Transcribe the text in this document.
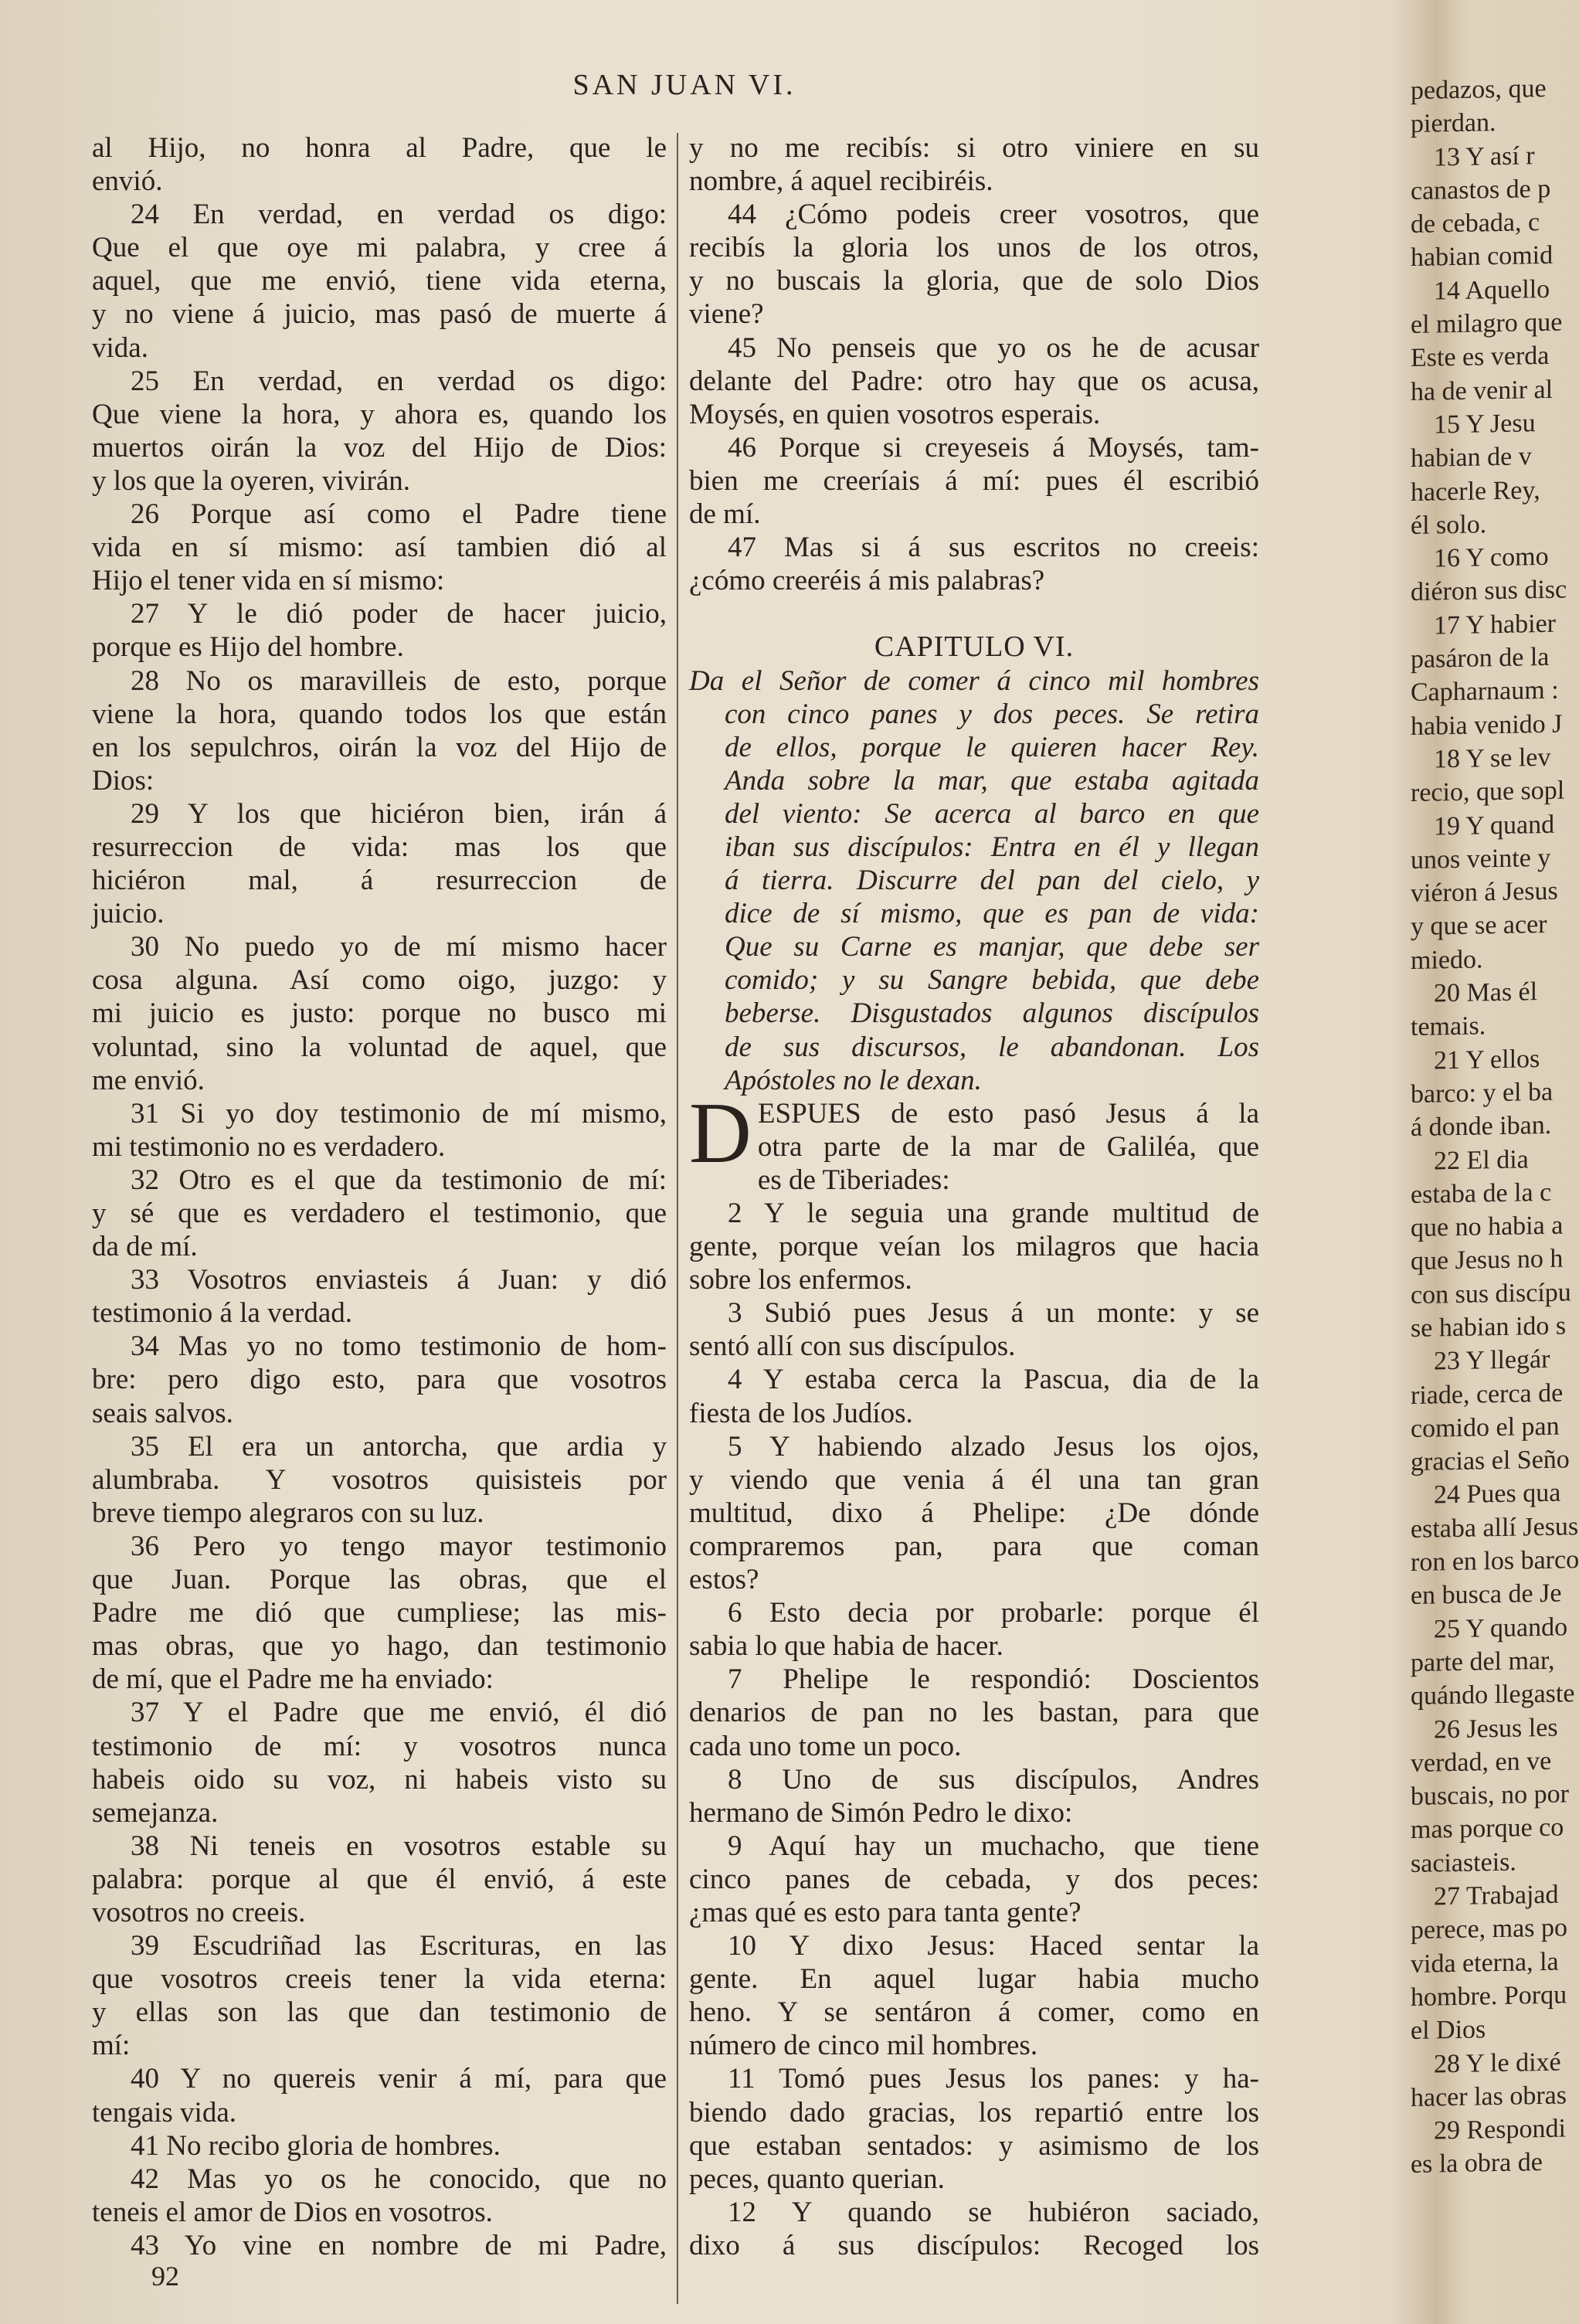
SAN JUAN VI.
al Hijo, no honra al Padre, que le
envió.
24 En verdad, en verdad os digo:
Que el que oye mi palabra, y cree á
aquel, que me envió, tiene vida eterna,
y no viene á juicio, mas pasó de muerte á
vida.
25 En verdad, en verdad os digo:
Que viene la hora, y ahora es, quando los
muertos oirán la voz del Hijo de Dios:
y los que la oyeren, vivirán.
26 Porque así como el Padre tiene
vida en sí mismo: así tambien dió al
Hijo el tener vida en sí mismo:
27 Y le dió poder de hacer juicio,
porque es Hijo del hombre.
28 No os maravilleis de esto, porque
viene la hora, quando todos los que están
en los sepulchros, oirán la voz del Hijo de
Dios:
29 Y los que hiciéron bien, irán á
resurreccion de vida: mas los que
hiciéron mal, á resurreccion de
juicio.
30 No puedo yo de mí mismo hacer
cosa alguna. Así como oigo, juzgo: y
mi juicio es justo: porque no busco mi
voluntad, sino la voluntad de aquel, que
me envió.
31 Si yo doy testimonio de mí mismo,
mi testimonio no es verdadero.
32 Otro es el que da testimonio de mí:
y sé que es verdadero el testimonio, que
da de mí.
33 Vosotros enviasteis á Juan: y dió
testimonio á la verdad.
34 Mas yo no tomo testimonio de hom-
bre: pero digo esto, para que vosotros
seais salvos.
35 El era un antorcha, que ardia y
alumbraba. Y vosotros quisisteis por
breve tiempo alegraros con su luz.
36 Pero yo tengo mayor testimonio
que Juan. Porque las obras, que el
Padre me dió que cumpliese; las mis-
mas obras, que yo hago, dan testimonio
de mí, que el Padre me ha enviado:
37 Y el Padre que me envió, él dió
testimonio de mí: y vosotros nunca
habeis oido su voz, ni habeis visto su
semejanza.
38 Ni teneis en vosotros estable su
palabra: porque al que él envió, á este
vosotros no creeis.
39 Escudriñad las Escrituras, en las
que vosotros creeis tener la vida eterna:
y ellas son las que dan testimonio de
mí:
40 Y no quereis venir á mí, para que
tengais vida.
41 No recibo gloria de hombres.
42 Mas yo os he conocido, que no
teneis el amor de Dios en vosotros.
43 Yo vine en nombre de mi Padre,
y no me recibís: si otro viniere en su
nombre, á aquel recibiréis.
44 ¿Cómo podeis creer vosotros, que
recibís la gloria los unos de los otros,
y no buscais la gloria, que de solo Dios
viene?
45 No penseis que yo os he de acusar
delante del Padre: otro hay que os acusa,
Moysés, en quien vosotros esperais.
46 Porque si creyeseis á Moysés, tam-
bien me creeríais á mí: pues él escribió
de mí.
47 Mas si á sus escritos no creeis:
¿cómo creeréis á mis palabras?
CAPITULO VI.
Da el Señor de comer á cinco mil hombres
con cinco panes y dos peces. Se retira
de ellos, porque le quieren hacer Rey.
Anda sobre la mar, que estaba agitada
del viento: Se acerca al barco en que
iban sus discípulos: Entra en él y llegan
á tierra. Discurre del pan del cielo, y
dice de sí mismo, que es pan de vida:
Que su Carne es manjar, que debe ser
comido; y su Sangre bebida, que debe
beberse. Disgustados algunos discípulos
de sus discursos, le abandonan. Los
Apóstoles no le dexan.
D ESPUES de esto pasó Jesus á la
otra parte de la mar de Galiléa, que
es de Tiberiades:
2 Y le seguia una grande multitud de
gente, porque veían los milagros que hacia
sobre los enfermos.
3 Subió pues Jesus á un monte: y se
sentó allí con sus discípulos.
4 Y estaba cerca la Pascua, dia de la
fiesta de los Judíos.
5 Y habiendo alzado Jesus los ojos,
y viendo que venia á él una tan gran
multitud, dixo á Phelipe: ¿De dónde
compraremos pan, para que coman
estos?
6 Esto decia por probarle: porque él
sabia lo que habia de hacer.
7 Phelipe le respondió: Doscientos
denarios de pan no les bastan, para que
cada uno tome un poco.
8 Uno de sus discípulos, Andres
hermano de Simón Pedro le dixo:
9 Aquí hay un muchacho, que tiene
cinco panes de cebada, y dos peces:
¿mas qué es esto para tanta gente?
10 Y dixo Jesus: Haced sentar la
gente. En aquel lugar habia mucho
heno. Y se sentáron á comer, como en
número de cinco mil hombres.
11 Tomó pues Jesus los panes: y ha-
biendo dado gracias, los repartió entre los
que estaban sentados: y asimismo de los
peces, quanto querian.
12 Y quando se hubiéron saciado,
dixo á sus discípulos: Recoged los
92
pedazos, que
pierdan.
13 Y así r
canastos de p
de cebada, c
habian comid
14 Aquello
el milagro que
Este es verda
ha de venir al
15 Y Jesu
habian de v
hacerle Rey,
él solo.
16 Y como
diéron sus disc
17 Y habier
pasáron de la
Capharnaum :
habia venido J
18 Y se lev
recio, que sopl
19 Y quand
unos veinte y
viéron á Jesus
y que se acer
miedo.
20 Mas él
temais.
21 Y ellos
barco: y el ba
á donde iban.
22 El dia
estaba de la c
que no habia a
que Jesus no h
con sus discípu
se habian ido s
23 Y llegár
riade, cerca de
comido el pan
gracias el Seño
24 Pues qua
estaba allí Jesus
ron en los barco
en busca de Je
25 Y quando
parte del mar,
quándo llegaste
26 Jesus les
verdad, en ve
buscais, no por
mas porque co
saciasteis.
27 Trabajad
perece, mas po
vida eterna, la
hombre. Porqu
el Dios
28 Y le dixé
hacer las obras
29 Respondi
es la obra de
